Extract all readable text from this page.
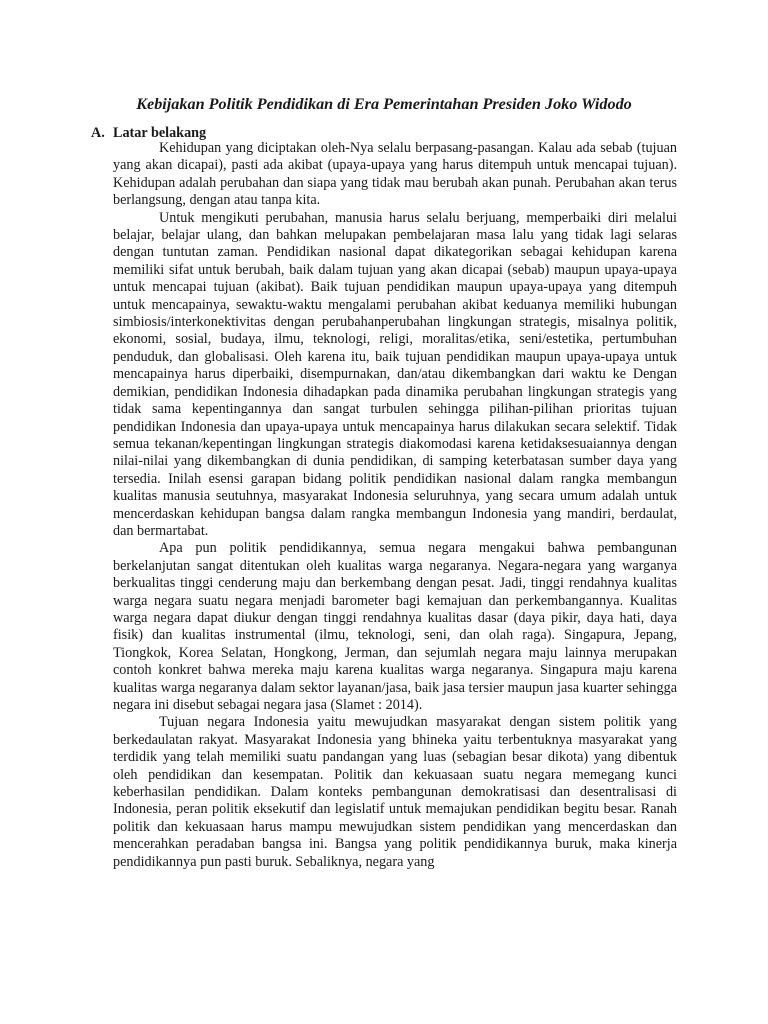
Kebijakan Politik Pendidikan di Era Pemerintahan Presiden Joko Widodo
A. Latar belakang

Kehidupan yang diciptakan oleh-Nya selalu berpasang-pasangan. Kalau ada sebab (tujuan yang akan dicapai), pasti ada akibat (upaya-upaya yang harus ditempuh untuk mencapai tujuan). Kehidupan adalah perubahan dan siapa yang tidak mau berubah akan punah. Perubahan akan terus berlangsung, dengan atau tanpa kita.

Untuk mengikuti perubahan, manusia harus selalu berjuang, memperbaiki diri melalui belajar, belajar ulang, dan bahkan melupakan pembelajaran masa lalu yang tidak lagi selaras dengan tuntutan zaman. Pendidikan nasional dapat dikategorikan sebagai kehidupan karena memiliki sifat untuk berubah, baik dalam tujuan yang akan dicapai (sebab) maupun upaya-upaya untuk mencapai tujuan (akibat). Baik tujuan pendidikan maupun upaya-upaya yang ditempuh untuk mencapainya, sewaktu-waktu mengalami perubahan akibat keduanya memiliki hubungan simbiosis/interkonektivitas dengan perubahanperubahan lingkungan strategis, misalnya politik, ekonomi, sosial, budaya, ilmu, teknologi, religi, moralitas/etika, seni/estetika, pertumbuhan penduduk, dan globalisasi. Oleh karena itu, baik tujuan pendidikan maupun upaya-upaya untuk mencapainya harus diperbaiki, disempurnakan, dan/atau dikembangkan dari waktu ke Dengan demikian, pendidikan Indonesia dihadapkan pada dinamika perubahan lingkungan strategis yang tidak sama kepentingannya dan sangat turbulen sehingga pilihan-pilihan prioritas tujuan pendidikan Indonesia dan upaya-upaya untuk mencapainya harus dilakukan secara selektif. Tidak semua tekanan/kepentingan lingkungan strategis diakomodasi karena ketidaksesuaiannya dengan nilai-nilai yang dikembangkan di dunia pendidikan, di samping keterbatasan sumber daya yang tersedia. Inilah esensi garapan bidang politik pendidikan nasional dalam rangka membangun kualitas manusia seutuhnya, masyarakat Indonesia seluruhnya, yang secara umum adalah untuk mencerdaskan kehidupan bangsa dalam rangka membangun Indonesia yang mandiri, berdaulat, dan bermartabat.

Apa pun politik pendidikannya, semua negara mengakui bahwa pembangunan berkelanjutan sangat ditentukan oleh kualitas warga negaranya. Negara-negara yang warganya berkualitas tinggi cenderung maju dan berkembang dengan pesat. Jadi, tinggi rendahnya kualitas warga negara suatu negara menjadi barometer bagi kemajuan dan perkembangannya. Kualitas warga negara dapat diukur dengan tinggi rendahnya kualitas dasar (daya pikir, daya hati, daya fisik) dan kualitas instrumental (ilmu, teknologi, seni, dan olah raga). Singapura, Jepang, Tiongkok, Korea Selatan, Hongkong, Jerman, dan sejumlah negara maju lainnya merupakan contoh konkret bahwa mereka maju karena kualitas warga negaranya. Singapura maju karena kualitas warga negaranya dalam sektor layanan/jasa, baik jasa tersier maupun jasa kuarter sehingga negara ini disebut sebagai negara jasa (Slamet : 2014).

Tujuan negara Indonesia yaitu mewujudkan masyarakat dengan sistem politik yang berkedaulatan rakyat. Masyarakat Indonesia yang bhineka yaitu terbentuknya masyarakat yang terdidik yang telah memiliki suatu pandangan yang luas (sebagian besar dikota) yang dibentuk oleh pendidikan dan kesempatan. Politik dan kekuasaan suatu negara memegang kunci keberhasilan pendidikan. Dalam konteks pembangunan demokratisasi dan desentralisasi di Indonesia, peran politik eksekutif dan legislatif untuk memajukan pendidikan begitu besar. Ranah politik dan kekuasaan harus mampu mewujudkan sistem pendidikan yang mencerdaskan dan mencerahkan peradaban bangsa ini. Bangsa yang politik pendidikannya buruk, maka kinerja pendidikannya pun pasti buruk. Sebaliknya, negara yang
